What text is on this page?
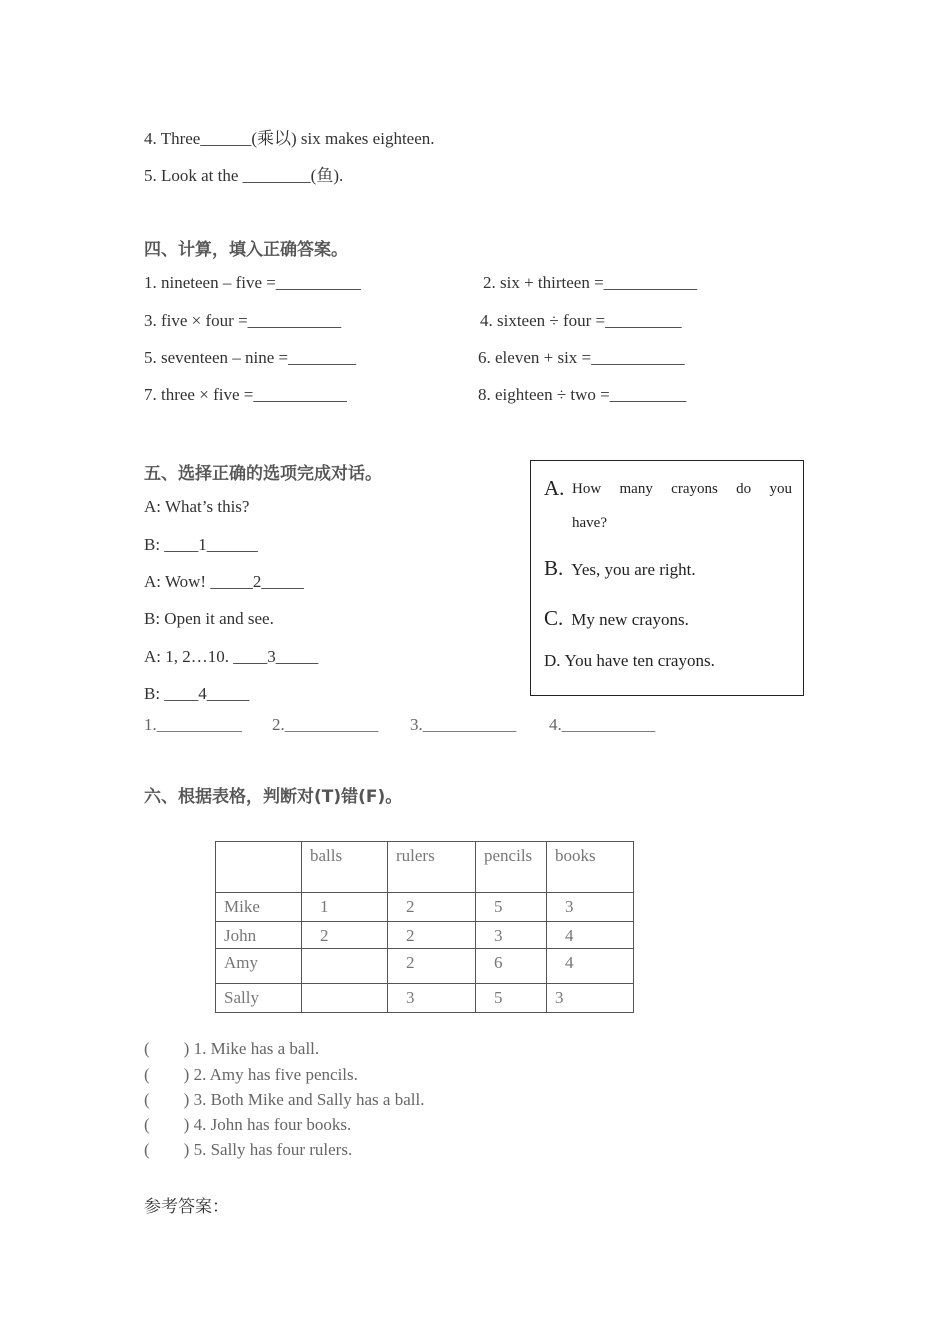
4. Three______(乘以) six makes eighteen.
5. Look at the ________(鱼).
四、计算，填入正确答案。
1. nineteen – five =__________	2. six + thirteen =___________
3. five × four =___________	4. sixteen ÷ four =_________
5. seventeen – nine =________	6. eleven + six =___________
7. three × five =___________	8. eighteen ÷ two =_________
五、选择正确的选项完成对话。
A: What’s this?
B: ____1______
A: Wow! _____2_____
B: Open it and see.
A: 1, 2…10. ____3_____
B: ____4_____
1.__________ 2.___________ 3.___________ 4.___________
A. How many crayons do you
have?
B. Yes, you are right.
C. My new crayons.
D. You have ten crayons.
六、根据表格，判断对(T)错(F)。
	balls	rulers	pencils	books
Mike	1	2	5	3
John	2	2	3	4
Amy		2	6	4
Sally		3	5	3
(        ) 1. Mike has a ball.
(        ) 2. Amy has five pencils.
(        ) 3. Both Mike and Sally has a ball.
(        ) 4. John has four books.
(        ) 5. Sally has four rulers.
参考答案：
